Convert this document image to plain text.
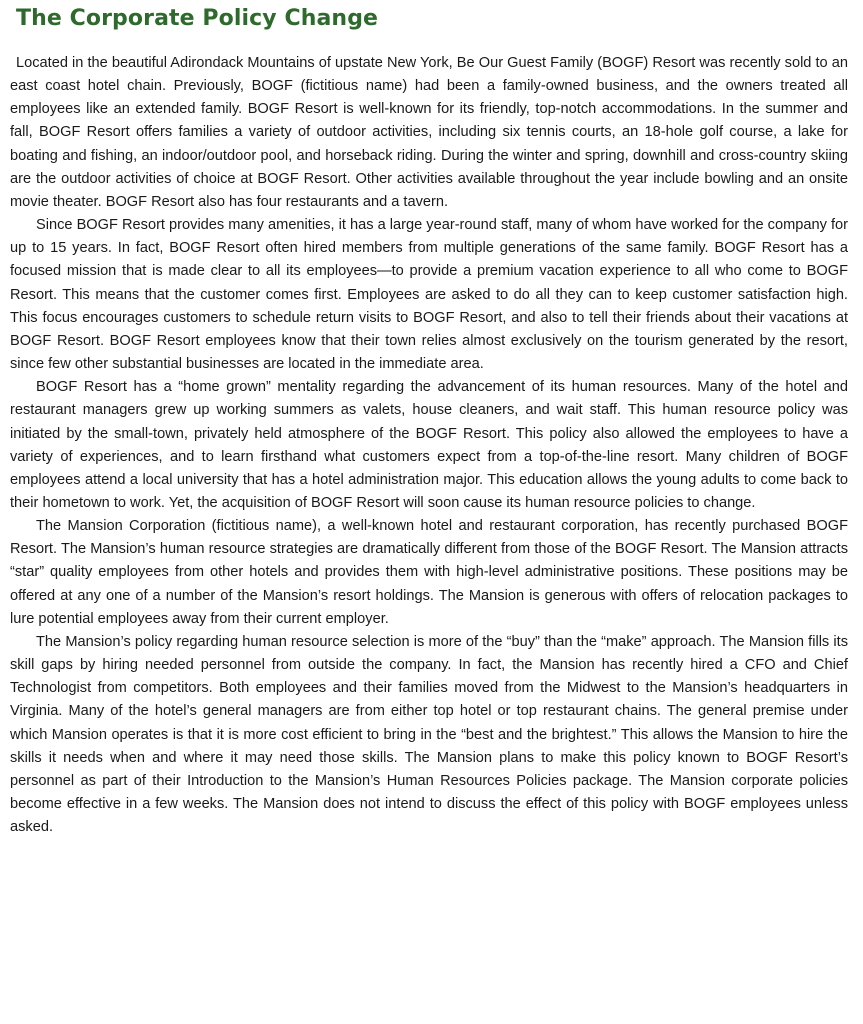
The Corporate Policy Change

Located in the beautiful Adirondack Mountains of upstate New York, Be Our Guest Family (BOGF) Resort was recently sold to an east coast hotel chain. Previously, BOGF (fictitious name) had been a family-owned business, and the owners treated all employees like an extended family. BOGF Resort is well-known for its friendly, top-notch accommodations. In the summer and fall, BOGF Resort offers families a variety of outdoor activities, including six tennis courts, an 18-hole golf course, a lake for boating and fishing, an indoor/outdoor pool, and horseback riding. During the winter and spring, downhill and cross-country skiing are the outdoor activities of choice at BOGF Resort. Other activities available throughout the year include bowling and an onsite movie theater. BOGF Resort also has four restaurants and a tavern.

Since BOGF Resort provides many amenities, it has a large year-round staff, many of whom have worked for the company for up to 15 years. In fact, BOGF Resort often hired members from multiple generations of the same family. BOGF Resort has a focused mission that is made clear to all its employees—to provide a premium vacation experience to all who come to BOGF Resort. This means that the customer comes first. Employees are asked to do all they can to keep customer satisfaction high. This focus encourages customers to schedule return visits to BOGF Resort, and also to tell their friends about their vacations at BOGF Resort. BOGF Resort employees know that their town relies almost exclusively on the tourism generated by the resort, since few other substantial businesses are located in the immediate area.

BOGF Resort has a “home grown” mentality regarding the advancement of its human resources. Many of the hotel and restaurant managers grew up working summers as valets, house cleaners, and wait staff. This human resource policy was initiated by the small-town, privately held atmosphere of the BOGF Resort. This policy also allowed the employees to have a variety of experiences, and to learn firsthand what customers expect from a top-of-the-line resort. Many children of BOGF employees attend a local university that has a hotel administration major. This education allows the young adults to come back to their hometown to work. Yet, the acquisition of BOGF Resort will soon cause its human resource policies to change.

The Mansion Corporation (fictitious name), a well-known hotel and restaurant corporation, has recently purchased BOGF Resort. The Mansion’s human resource strategies are dramatically different from those of the BOGF Resort. The Mansion attracts “star” quality employees from other hotels and provides them with high-level administrative positions. These positions may be offered at any one of a number of the Mansion’s resort holdings. The Mansion is generous with offers of relocation packages to lure potential employees away from their current employer.

The Mansion’s policy regarding human resource selection is more of the “buy” than the “make” approach. The Mansion fills its skill gaps by hiring needed personnel from outside the company. In fact, the Mansion has recently hired a CFO and Chief Technologist from competitors. Both employees and their families moved from the Midwest to the Mansion’s headquarters in Virginia. Many of the hotel’s general managers are from either top hotel or top restaurant chains. The general premise under which Mansion operates is that it is more cost efficient to bring in the “best and the brightest.” This allows the Mansion to hire the skills it needs when and where it may need those skills. The Mansion plans to make this policy known to BOGF Resort’s personnel as part of their Introduction to the Mansion’s Human Resources Policies package. The Mansion corporate policies become effective in a few weeks. The Mansion does not intend to discuss the effect of this policy with BOGF employees unless asked.
